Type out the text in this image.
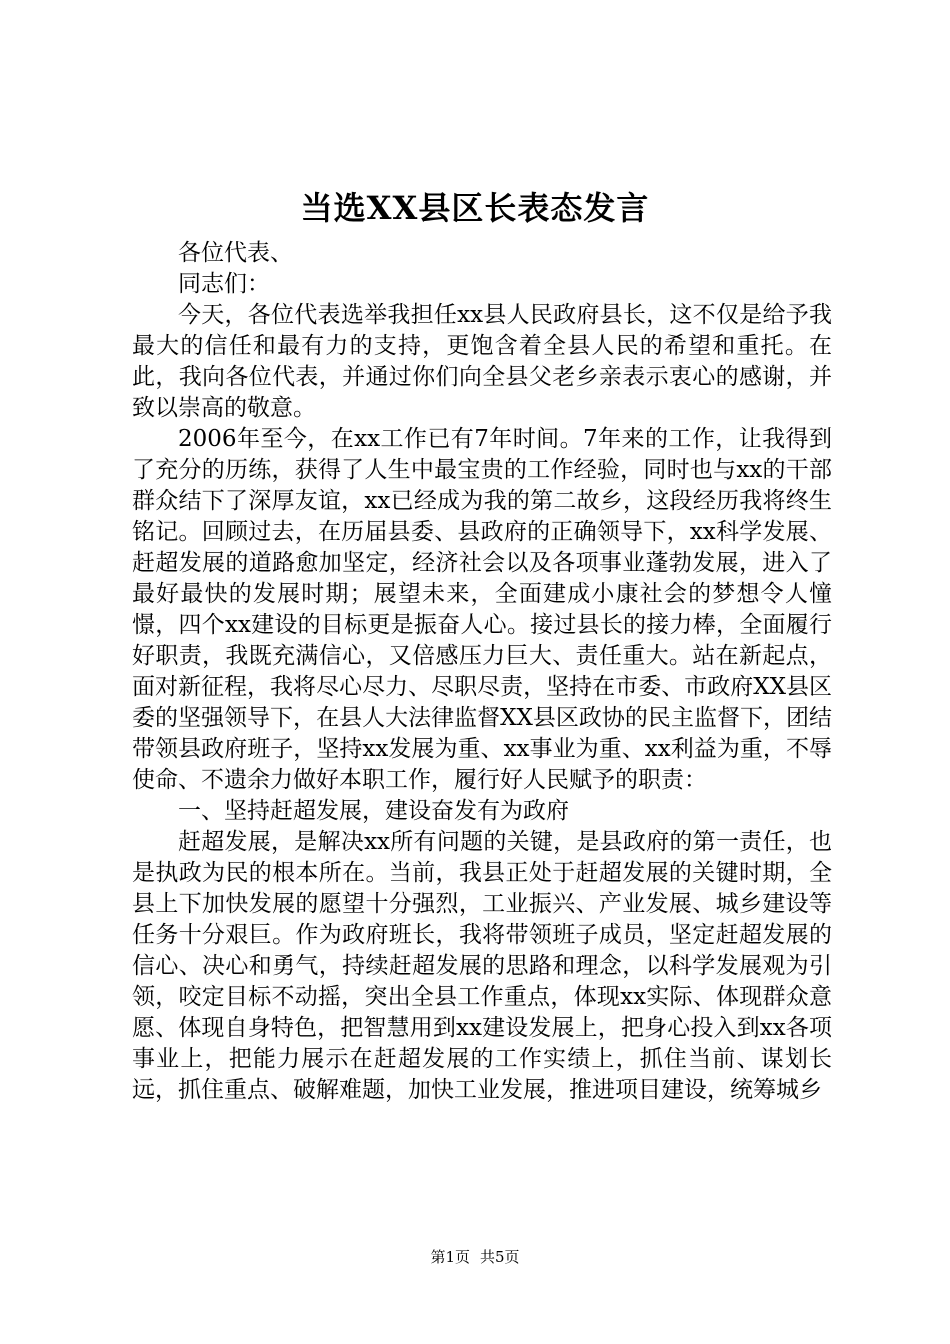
当选XX县区长表态发言

各位代表、

同志们：

今天，各位代表选举我担任xx县人民政府县长，这不仅是给予我最大的信任和最有力的支持，更饱含着全县人民的希望和重托。在此，我向各位代表，并通过你们向全县父老乡亲表示衷心的感谢，并致以崇高的敬意。

2006年至今，在xx工作已有7年时间。7年来的工作，让我得到了充分的历练，获得了人生中最宝贵的工作经验，同时也与xx的干部群众结下了深厚友谊，xx已经成为我的第二故乡，这段经历我将终生铭记。回顾过去，在历届县委、县政府的正确领导下，xx科学发展、赶超发展的道路愈加坚定，经济社会以及各项事业蓬勃发展，进入了最好最快的发展时期；展望未来，全面建成小康社会的梦想令人憧憬，四个xx建设的目标更是振奋人心。接过县长的接力棒，全面履行好职责，我既充满信心，又倍感压力巨大、责任重大。站在新起点，面对新征程，我将尽心尽力、尽职尽责，坚持在市委、市政府XX县区委的坚强领导下，在县人大法律监督XX县区政协的民主监督下，团结带领县政府班子，坚持xx发展为重、xx事业为重、xx利益为重，不辱使命、不遗余力做好本职工作，履行好人民赋予的职责：

一、坚持赶超发展，建设奋发有为政府

赶超发展，是解决xx所有问题的关键，是县政府的第一责任，也是执政为民的根本所在。当前，我县正处于赶超发展的关键时期，全县上下加快发展的愿望十分强烈，工业振兴、产业发展、城乡建设等任务十分艰巨。作为政府班长，我将带领班子成员，坚定赶超发展的信心、决心和勇气，持续赶超发展的思路和理念，以科学发展观为引领，咬定目标不动摇，突出全县工作重点，体现xx实际、体现群众意愿、体现自身特色，把智慧用到xx建设发展上，把身心投入到xx各项事业上，把能力展示在赶超发展的工作实绩上，抓住当前、谋划长远，抓住重点、破解难题，加快工业发展，推进项目建设，统筹城乡

第1页 共5页
